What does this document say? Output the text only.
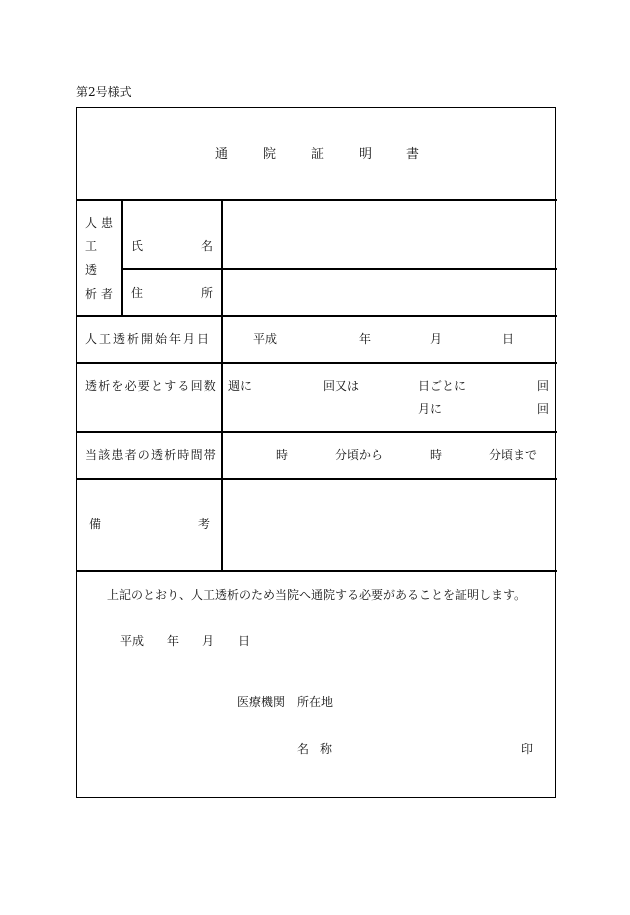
第2号様式
通	院	証	明	書
人 患
工
透
析 者
氏	名
住	所
人工透析開始年月日	平成	年	月	日
透析を必要とする回数 週に	回又は	日ごとに	回
月に	回
当該患者の透析時間帯	時	分頃から	時	分頃まで
備	考
上記のとおり、人工透析のため当院へ通院する必要があることを証明します。
平成 年 月 日
医療機関　所在地
名 称	印
